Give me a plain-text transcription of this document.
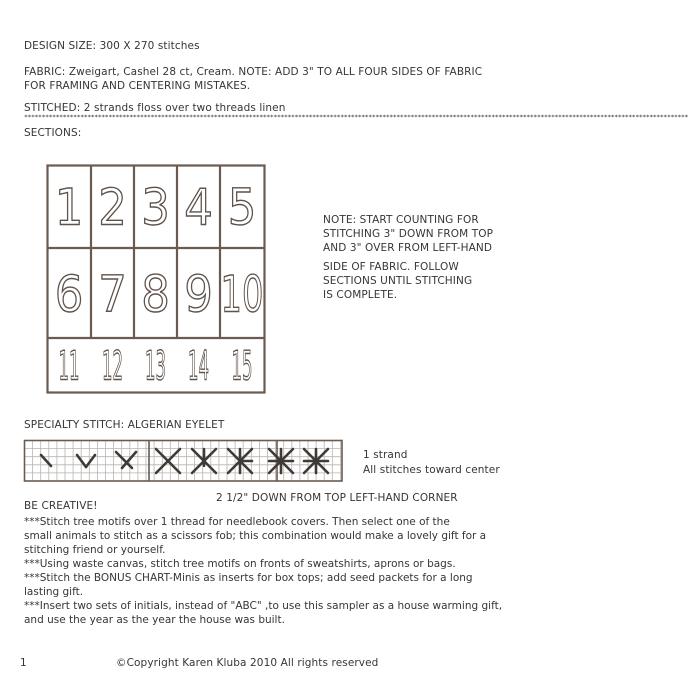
DESIGN SIZE: 300 X 270 stitches
FABRIC: Zweigart, Cashel 28 ct, Cream. NOTE: ADD 3" TO ALL FOUR SIDES OF FABRIC
FOR FRAMING AND CENTERING MISTAKES.
STITCHED: 2 strands floss over two threads linen
*********************************************************************************************************************************************************************************************
SECTIONS:
1 2 3 4 5
6 7 8 9 10
11 12 13 14 15
NOTE: START COUNTING FOR
STITCHING 3" DOWN FROM TOP
AND 3" OVER FROM LEFT-HAND
SIDE OF FABRIC. FOLLOW
SECTIONS UNTIL STITCHING
IS COMPLETE.
SPECIALTY STITCH: ALGERIAN EYELET
1 strand
All stitches toward center
2 1/2" DOWN FROM TOP LEFT-HAND CORNER
BE CREATIVE!
***Stitch tree motifs over 1 thread for needlebook covers. Then select one of the
small animals to stitch as a scissors fob; this combination would make a lovely gift for a
stitching friend or yourself.
***Using waste canvas, stitch tree motifs on fronts of sweatshirts, aprons or bags.
***Stitch the BONUS CHART-Minis as inserts for box tops; add seed packets for a long
lasting gift.
***Insert two sets of initials, instead of "ABC" ,to use this sampler as a house warming gift,
and use the year as the year the house was built.
1	©Copyright Karen Kluba 2010 All rights reserved
